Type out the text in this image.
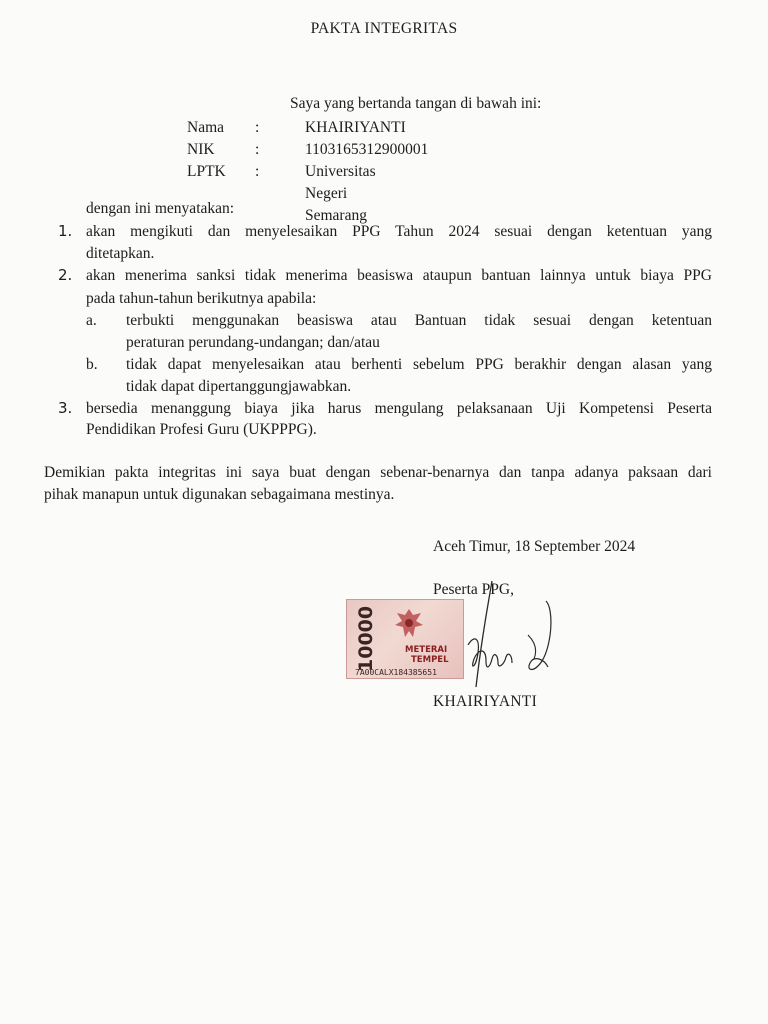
PAKTA INTEGRITAS
Saya yang bertanda tangan di bawah ini:
Nama :	KHAIRIYANTI
NIK	:	1103165312900001
LPTK :	Universitas Negeri Semarang
dengan ini menyatakan:
1. akan mengikuti dan menyelesaikan PPG Tahun 2024 sesuai dengan ketentuan yang
ditetapkan.
2. akan menerima sanksi tidak menerima beasiswa ataupun bantuan lainnya untuk biaya PPG
pada tahun-tahun berikutnya apabila:
a. terbukti menggunakan beasiswa atau Bantuan tidak sesuai dengan ketentuan
peraturan perundang-undangan; dan/atau
b. tidak dapat menyelesaikan atau berhenti sebelum PPG berakhir dengan alasan yang
tidak dapat dipertanggungjawabkan.
3. bersedia menanggung biaya jika harus mengulang pelaksanaan Uji Kompetensi Peserta
Pendidikan Profesi Guru (UKPPPG).
Demikian pakta integritas ini saya buat dengan sebenar-benarnya dan tanpa adanya paksaan dari
pihak manapun untuk digunakan sebagaimana mestinya.
Aceh Timur, 18 September 2024
Peserta PPG,
10000	METERAI
TEMPEL
7A00CALX184385651
KHAIRIYANTI
